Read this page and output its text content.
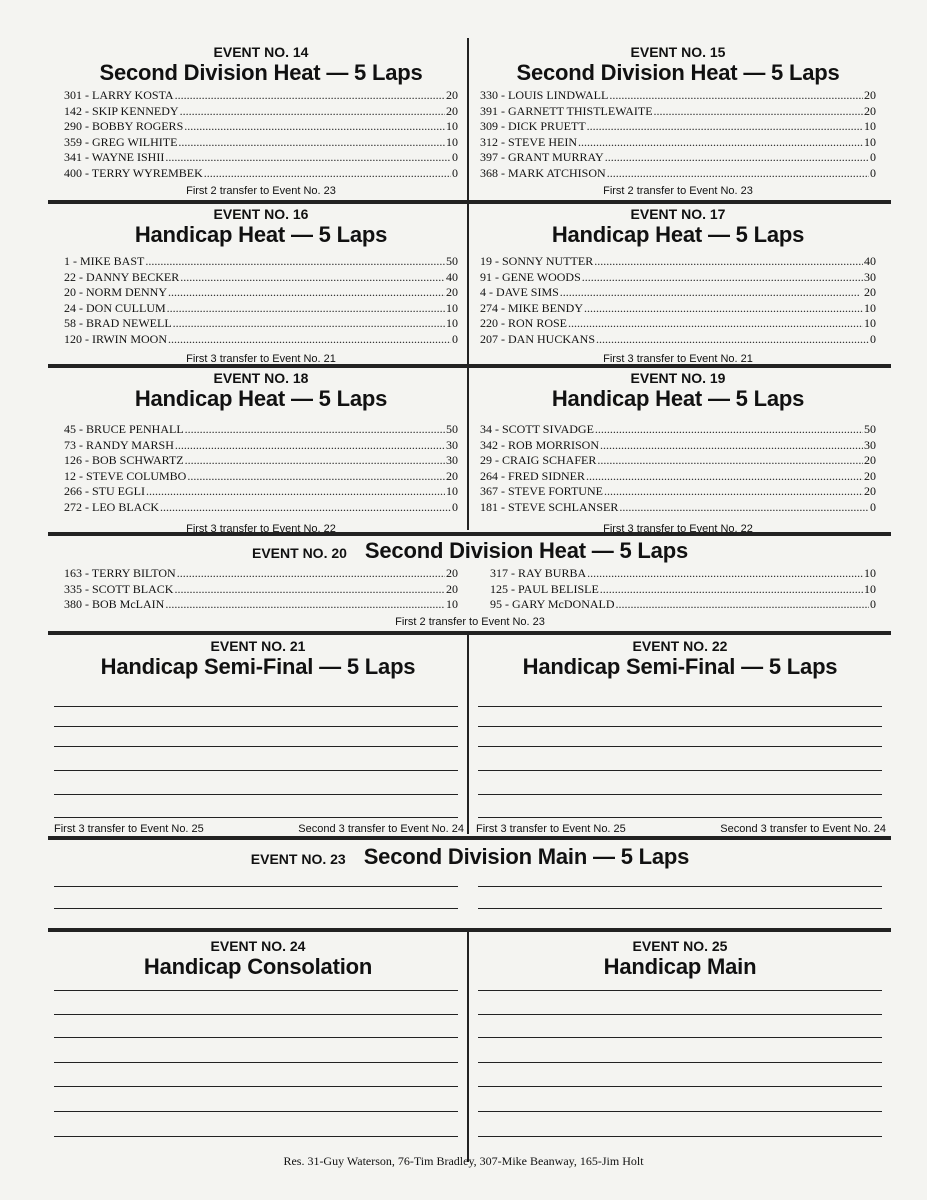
EVENT NO. 14
Second Division Heat — 5 Laps
301 - LARRY KOSTA . . .	20
142 - SKIP KENNEDY . . .	20
290 - BOBBY ROGERS . . .	10
359 - GREG WILHITE . . .	10
341 - WAYNE ISHII . . .	0
400 - TERRY WYREMBEK . . .	0
First 2 transfer to Event No. 23
EVENT NO. 15
Second Division Heat — 5 Laps
330 - LOUIS LINDWALL . . .	20
391 - GARNETT THISTLEWAITE . . .	20
309 - DICK PRUETT . . .	10
312 - STEVE HEIN . . .	10
397 - GRANT MURRAY . . .	0
368 - MARK ATCHISON . . .	0
First 2 transfer to Event No. 23
EVENT NO. 16
Handicap Heat — 5 Laps
1 - MIKE BAST . . .	50
22 - DANNY BECKER . . .	40
20 - NORM DENNY . . .	20
24 - DON CULLUM . . .	10
58 - BRAD NEWELL . . .	10
120 - IRWIN MOON . . .	0
First 3 transfer to Event No. 21
EVENT NO. 17
Handicap Heat — 5 Laps
19 - SONNY NUTTER . . .	40
91 - GENE WOODS . . .	30
4 - DAVE SIMS . . .	20
274 - MIKE BENDY . . .	10
220 - RON ROSE . . .	10
207 - DAN HUCKANS . . .	0
First 3 transfer to Event No. 21
EVENT NO. 18
Handicap Heat — 5 Laps
45 - BRUCE PENHALL . . .	50
73 - RANDY MARSH . . .	30
126 - BOB SCHWARTZ . . .	30
12 - STEVE COLUMBO . . .	20
266 - STU EGLI . . .	10
272 - LEO BLACK . . .	0
First 3 transfer to Event No. 22
EVENT NO. 19
Handicap Heat — 5 Laps
34 - SCOTT SIVADGE . . .	50
342 - ROB MORRISON . . .	30
29 - CRAIG SCHAFER . . .	20
264 - FRED SIDNER . . .	20
367 - STEVE FORTUNE . . .	20
181 - STEVE SCHLANSER . . .	0
First 3 transfer to Event No. 22
EVENT NO. 20 Second Division Heat — 5 Laps
163 - TERRY BILTON . . .	20
335 - SCOTT BLACK . . .	20
380 - BOB McLAIN . . .	10
317 - RAY BURBA . . .	10
125 - PAUL BELISLE . . .	10
95 - GARY McDONALD . . .	0
First 2 transfer to Event No. 23
EVENT NO. 21
Handicap Semi-Final — 5 Laps
First 3 transfer to Event No. 25	Second 3 transfer to Event No. 24
EVENT NO. 22
Handicap Semi-Final — 5 Laps
First 3 transfer to Event No. 25	Second 3 transfer to Event No. 24
EVENT NO. 23 Second Division Main — 5 Laps
EVENT NO. 24
Handicap Consolation
EVENT NO. 25
Handicap Main
Res. 31-Guy Waterson, 76-Tim Bradley, 307-Mike Beanway, 165-Jim Holt
